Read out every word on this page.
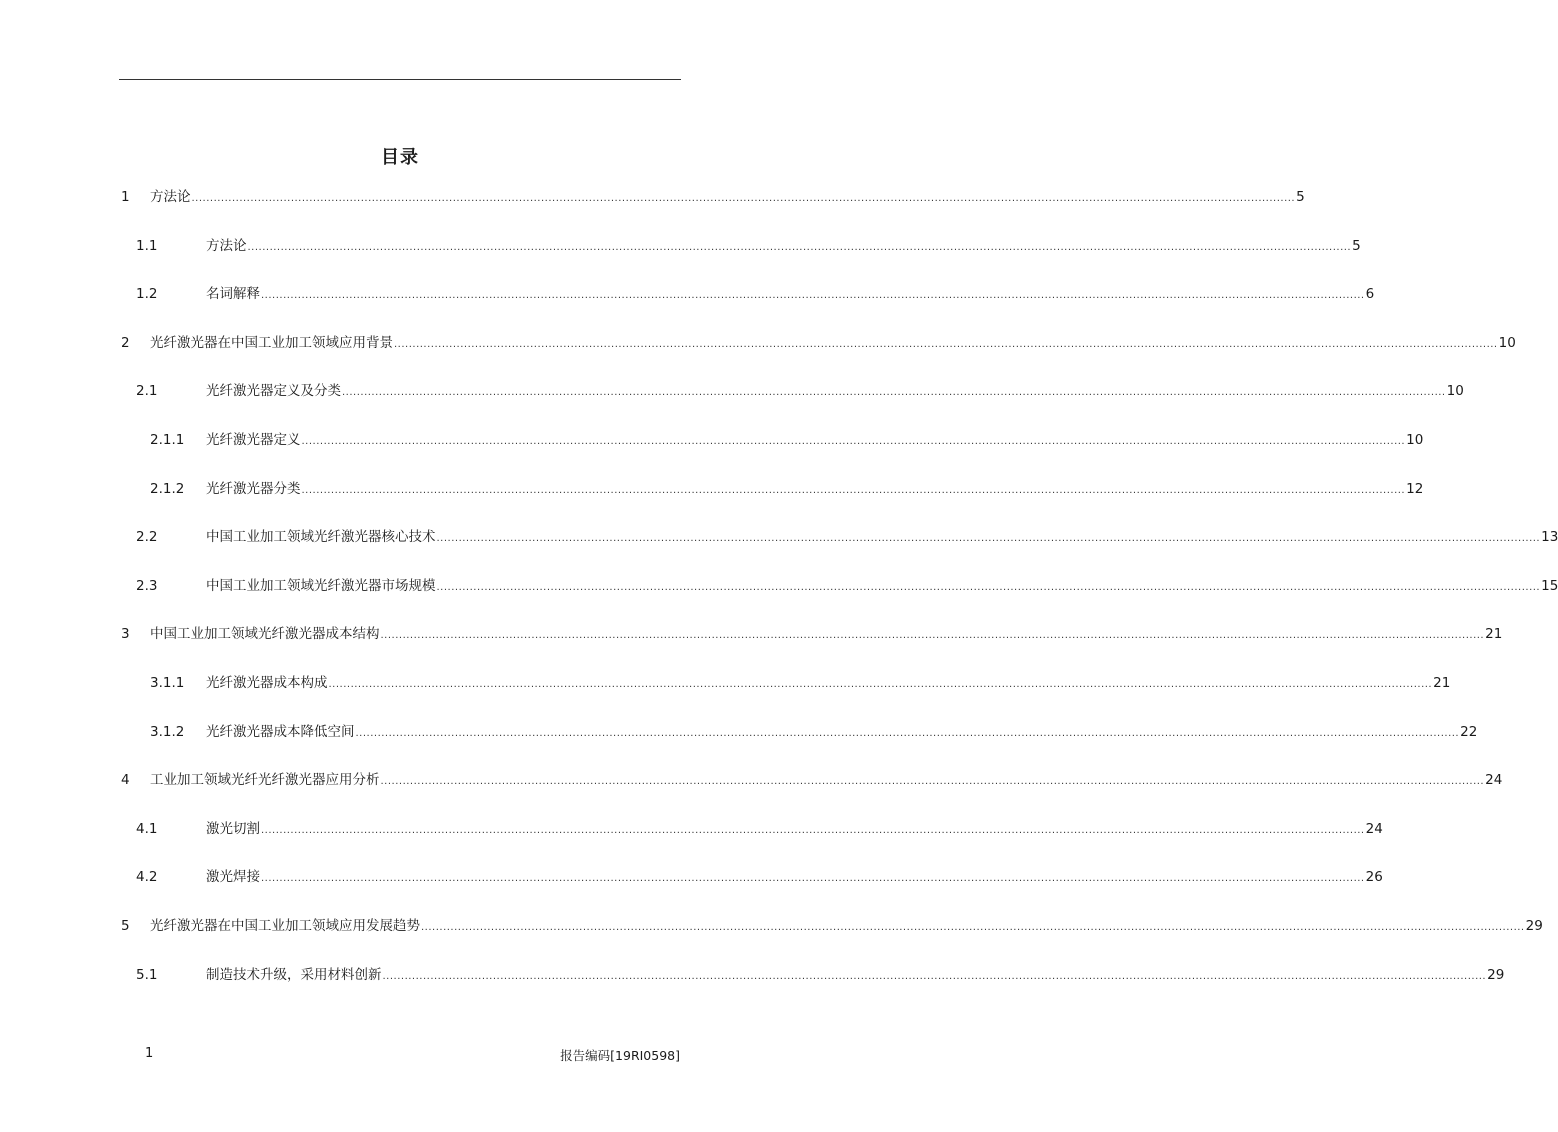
目录
1 方法论 ............................................................................................................................................................................................................................................................................................................ 5
1.1	方法论 ............................................................................................................................................................................................................................................................................................................ 5
1.2	名词解释 ............................................................................................................................................................................................................................................................................................................ 6
2 光纤激光器在中国工业加工领域应用背景 ............................................................................................................................................................................................................................................................................................................ 10
2.1	光纤激光器定义及分类 ............................................................................................................................................................................................................................................................................................................ 10
2.1.1 光纤激光器定义 ............................................................................................................................................................................................................................................................................................................ 10
2.1.2 光纤激光器分类 ............................................................................................................................................................................................................................................................................................................ 12
2.2	中国工业加工领域光纤激光器核心技术 ............................................................................................................................................................................................................................................................................................................ 13
2.3	中国工业加工领域光纤激光器市场规模 ............................................................................................................................................................................................................................................................................................................ 15
3 中国工业加工领域光纤激光器成本结构 ............................................................................................................................................................................................................................................................................................................ 21
3.1.1 光纤激光器成本构成 ............................................................................................................................................................................................................................................................................................................ 21
3.1.2 光纤激光器成本降低空间 ............................................................................................................................................................................................................................................................................................................ 22
4 工业加工领域光纤光纤激光器应用分析 ............................................................................................................................................................................................................................................................................................................ 24
4.1	激光切割 ............................................................................................................................................................................................................................................................................................................ 24
4.2	激光焊接 ............................................................................................................................................................................................................................................................................................................ 26
5 光纤激光器在中国工业加工领域应用发展趋势 ............................................................................................................................................................................................................................................................................................................ 29
5.1	制造技术升级，采用材料创新 ............................................................................................................................................................................................................................................................................................................ 29
1	报告编码[19RI0598]
